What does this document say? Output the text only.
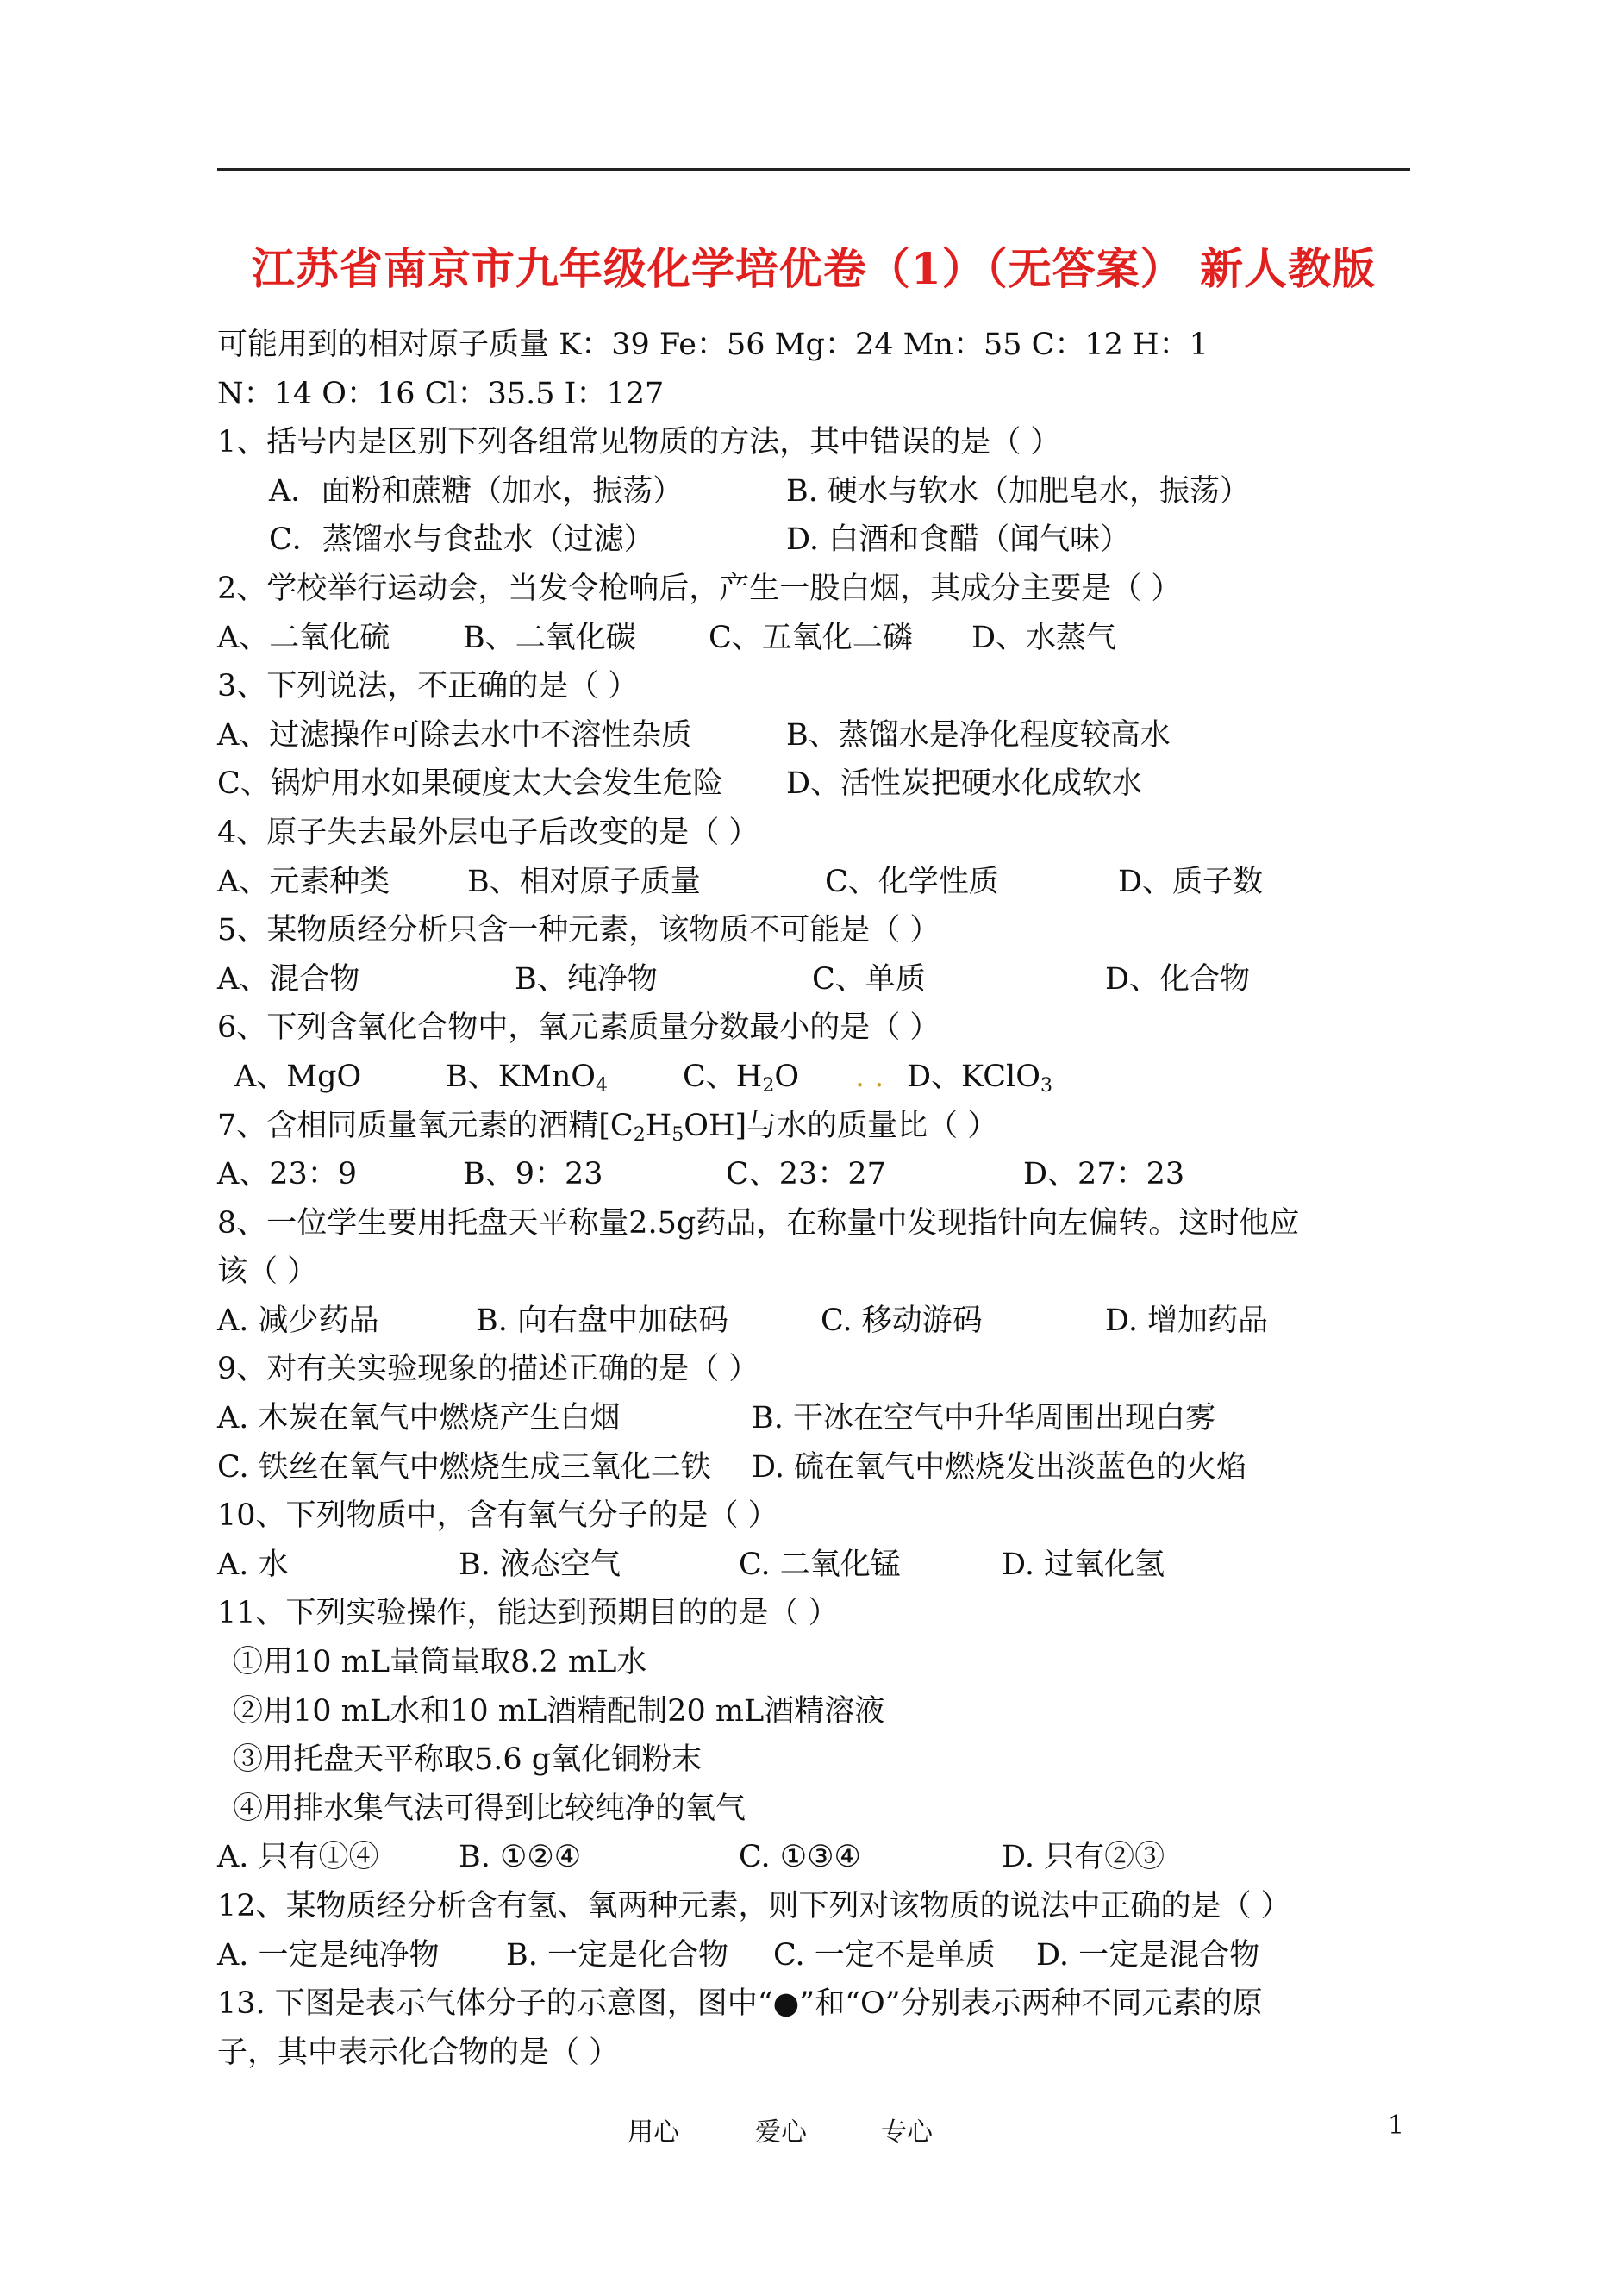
江苏省南京市九年级化学培优卷（1）（无答案） 新人教版
可能用到的相对原子质量 K：39 Fe：56 Mg：24 Mn：55 C：12 H：1
N：14 O：16 Cl：35.5 I：127
1、括号内是区别下列各组常见物质的方法，其中错误的是（ ）
A．面粉和蔗糖（加水，振荡）	B. 硬水与软水（加肥皂水，振荡）
C．蒸馏水与食盐水（过滤）	D. 白酒和食醋（闻气味）
2、学校举行运动会，当发令枪响后，产生一股白烟，其成分主要是（ ）
A、二氧化硫	B、二氧化碳	C、五氧化二磷	D、水蒸气
3、下列说法，不正确的是（ ）
A、过滤操作可除去水中不溶性杂质	B、蒸馏水是净化程度较高水
C、锅炉用水如果硬度太大会发生危险	D、活性炭把硬水化成软水
4、原子失去最外层电子后改变的是（ ）
A、元素种类	B、相对原子质量	C、化学性质	D、质子数
5、某物质经分析只含一种元素，该物质不可能是（ ）
A、混合物	B、纯净物	C、单质	D、化合物
6、下列含氧化合物中，氧元素质量分数最小的是（ ）
A、MgO	B、KMnO$_4$	C、$H_2O$	. . D、KClO$_3$
7、含相同质量氧元素的酒精$[C_2H_5OH]$与水的质量比（ ）
A、23：9	B、9：23	C、23：27	D、27：23
8、一位学生要用托盘天平称量2.5g药品，在称量中发现指针向左偏转。这时他应
该（ ）
A. 减少药品	B. 向右盘中加砝码	C. 移动游码	D. 增加药品
9、对有关实验现象的描述正确的是（ ）
A. 木炭在氧气中燃烧产生白烟	B. 干冰在空气中升华周围出现白雾
C. 铁丝在氧气中燃烧生成三氧化二铁	D. 硫在氧气中燃烧发出淡蓝色的火焰
10、下列物质中，含有氧气分子的是（ ）
A. 水	B. 液态空气	C. 二氧化锰	D. 过氧化氢
11、下列实验操作，能达到预期目的的是（ ）
①用10 mL量筒量取8.2 mL水
②用10 mL水和10 mL酒精配制20 mL酒精溶液
③用托盘天平称取5.6 g氧化铜粉末
④用排水集气法可得到比较纯净的氧气
A. 只有①④	B. ①②④	C. ①③④	D. 只有②③
12、某物质经分析含有氢、氧两种元素，则下列对该物质的说法中正确的是（ ）
A. 一定是纯净物	B. 一定是化合物	C. 一定不是单质	D. 一定是混合物
13. 下图是表示气体分子的示意图，图中“●”和“O”分别表示两种不同元素的原
子，其中表示化合物的是（ ）
用心	爱心	专心	1
